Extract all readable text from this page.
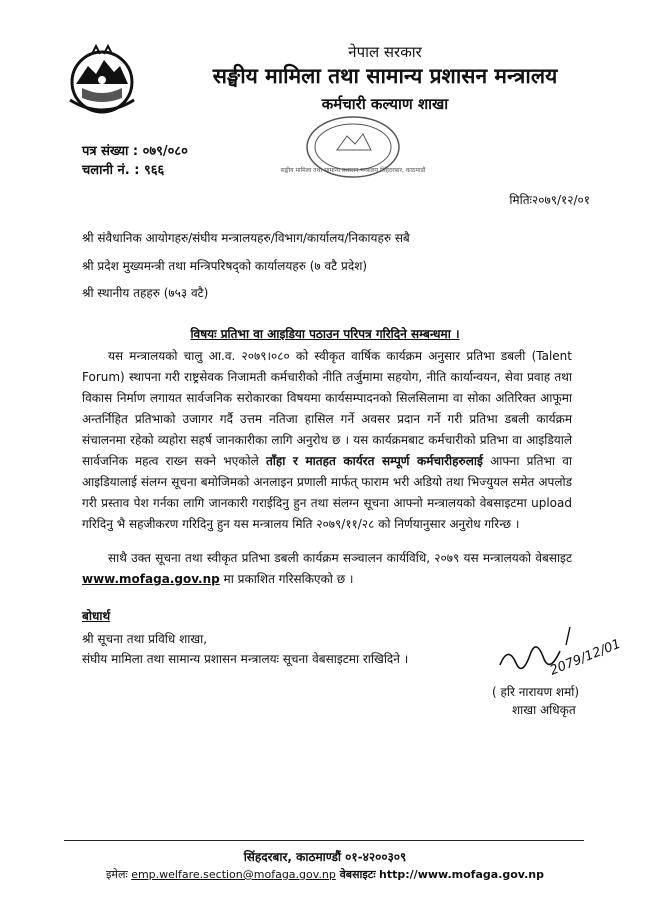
नेपाल सरकार
सङ्घीय मामिला तथा सामान्य प्रशासन मन्त्रालय
कर्मचारी कल्याण शाखा
सङ्घीय मामिला तथा सामान्य प्रशासन मन्त्रालय सिंहदरबार, काठमाडौं
पत्र संख्या : ०७९/०८०
चलानी नं. : ९६६
मितिः२०७९/१२/०१
श्री संवैधानिक आयोगहरु/संघीय मन्त्रालयहरु/विभाग/कार्यालय/निकायहरु सबै
श्री प्रदेश मुख्यमन्त्री तथा मन्त्रिपरिषद्को कार्यालयहरु (७ वटै प्रदेश)
श्री स्थानीय तहहरु (७५३ वटै)
विषयः प्रतिभा वा आइडिया पठाउन परिपत्र गरिदिने सम्बन्धमा ।

यस मन्त्रालयको चालु आ.व. २०७९।०८० को स्वीकृत वार्षिक कार्यक्रम अनुसार प्रतिभा डबली (Talent Forum) स्थापना गरी राष्ट्रसेवक निजामती कर्मचारीको नीति तर्जुमामा सहयोग, नीति कार्यान्वयन, सेवा प्रवाह तथा विकास निर्माण लगायत सार्वजनिक सरोकारका विषयमा कार्यसम्पादनको सिलसिलामा वा सोका अतिरिक्त आफूमा अन्तर्निहित प्रतिभाको उजागर गर्दै उत्तम नतिजा हासिल गर्ने अवसर प्रदान गर्ने गरी प्रतिभा डबली कार्यक्रम संचालनमा रहेको व्यहोरा सहर्ष जानकारीका लागि अनुरोध छ । यस कार्यक्रमबाट कर्मचारीको प्रतिभा वा आइडियाले सार्वजनिक महत्व राख्न सक्ने भएकोले ताँहा र मातहत कार्यरत सम्पूर्ण कर्मचारीहरुलाई आफ्ना प्रतिभा वा आइडियालाई संलग्न सूचना बमोजिमको अनलाइन प्रणाली मार्फत् फाराम भरी अडियो तथा भिज्युयल समेत अपलोड गरी प्रस्ताव पेश गर्नका लागि जानकारी गराईदिनु हुन तथा संलग्न सूचना आफ्नो मन्त्रालयको वेबसाइटमा upload गरिदिनु भै सहजीकरण गरिदिनु हुन यस मन्त्रालय मिति २०७९/११/२८ को निर्णयानुसार अनुरोध गरिन्छ ।

साथै उक्त सूचना तथा स्वीकृत प्रतिभा डबली कार्यक्रम सञ्चालन कार्यविधि, २०७९ यस मन्त्रालयको वेबसाइट www.mofaga.gov.np मा प्रकाशित गरिसकिएको छ ।

बोधार्थ
श्री सूचना तथा प्रविधि शाखा,
संघीय मामिला तथा सामान्य प्रशासन मन्त्रालयः सूचना वेबसाइटमा राखिदिने ।	2079/12/01
( हरि नारायण शर्मा)
शाखा अधिकृत
सिंहदरबार, काठमाण्डौं ०१-४२००३०९
इमेलः emp.welfare.section@mofaga.gov.np वेबसाइटः http://www.mofaga.gov.np
